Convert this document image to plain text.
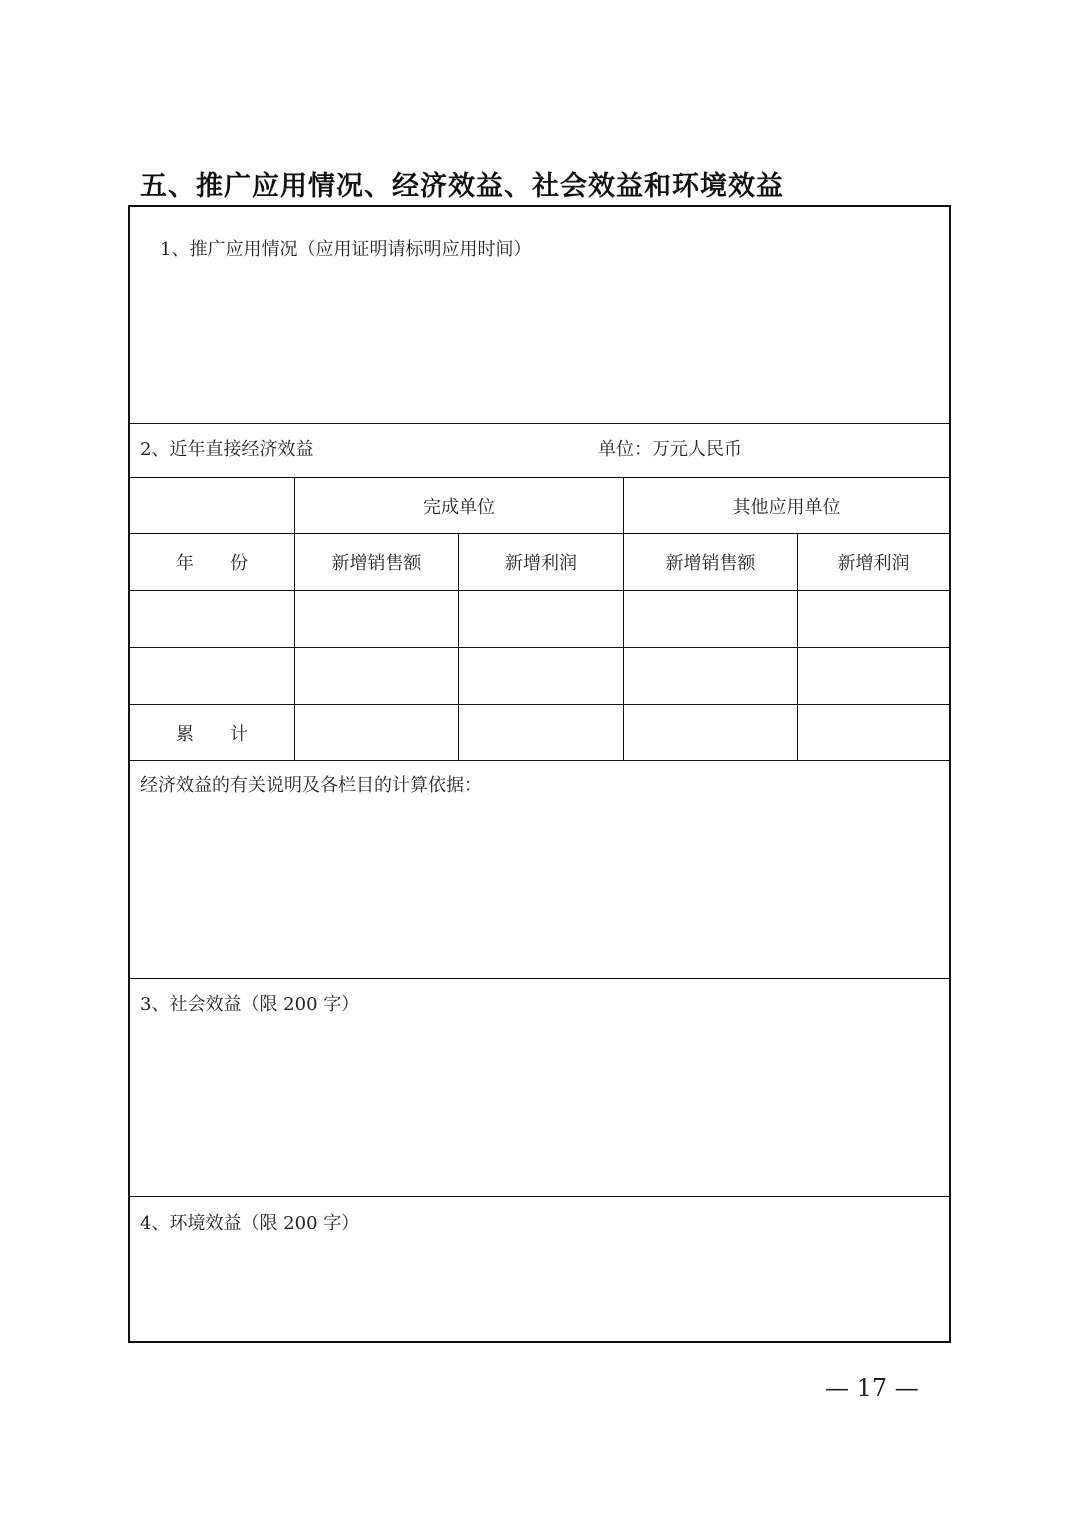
五、推广应用情况、经济效益、社会效益和环境效益
1、推广应用情况（应用证明请标明应用时间）
2、近年直接经济效益	单位：万元人民币
完成单位	其他应用单位
年　　份	新增销售额	新增利润	新增销售额	新增利润
累　　计
经济效益的有关说明及各栏目的计算依据：
3、社会效益（限 200 字）
4、环境效益（限 200 字）
— 17 —
